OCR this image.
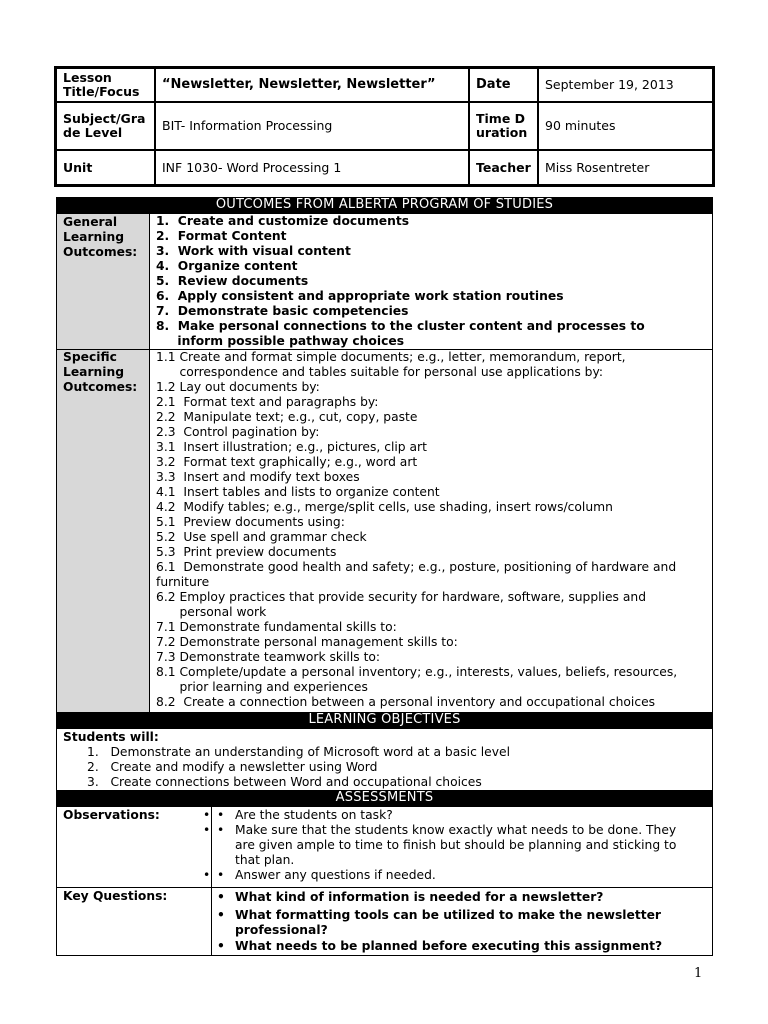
Lesson Title/Focus	“Newsletter, Newsletter, Newsletter”	Date	September 19, 2013
Subject/Grade Level	BIT- Information Processing	Time Duration	90 minutes
Unit	INF 1030- Word Processing 1	Teacher	Miss Rosentreter
OUTCOMES FROM ALBERTA PROGRAM OF STUDIES
General Learning Outcomes:
Specific Learning Outcomes:
1.  Create and customize documents
2.  Format Content
3.  Work with visual content
4.  Organize content
5.  Review documents
6.  Apply consistent and appropriate work station routines
7.  Demonstrate basic competencies
8.  Make personal connections to the cluster content and processes to
inform possible pathway choices
1.1 Create and format simple documents; e.g., letter, memorandum, report,
correspondence and tables suitable for personal use applications by:
1.2 Lay out documents by:
2.1  Format text and paragraphs by:
2.2  Manipulate text; e.g., cut, copy, paste
2.3  Control pagination by:
3.1  Insert illustration; e.g., pictures, clip art
3.2  Format text graphically; e.g., word art
3.3  Insert and modify text boxes
4.1  Insert tables and lists to organize content
4.2  Modify tables; e.g., merge/split cells, use shading, insert rows/column
5.1  Preview documents using:
5.2  Use spell and grammar check
5.3  Print preview documents
6.1  Demonstrate good health and safety; e.g., posture, positioning of hardware and
furniture
6.2 Employ practices that provide security for hardware, software, supplies and
personal work
7.1 Demonstrate fundamental skills to:
7.2 Demonstrate personal management skills to:
7.3 Demonstrate teamwork skills to:
8.1 Complete/update a personal inventory; e.g., interests, values, beliefs, resources,
prior learning and experiences
8.2  Create a connection between a personal inventory and occupational choices
LEARNING OBJECTIVES
Students will:
1.   Demonstrate an understanding of Microsoft word at a basic level
2.   Create and modify a newsletter using Word
3.   Create connections between Word and occupational choices
ASSESSMENTS
Observations:
•	• Are the students on task?
• • Make sure that the students know exactly what needs to be done. They
are given ample to time to finish but should be planning and sticking to
that plan.
• • Answer any questions if needed.
Key Questions:	• What kind of information is needed for a newsletter?
• What formatting tools can be utilized to make the newsletter
professional?
• What needs to be planned before executing this assignment?
1
